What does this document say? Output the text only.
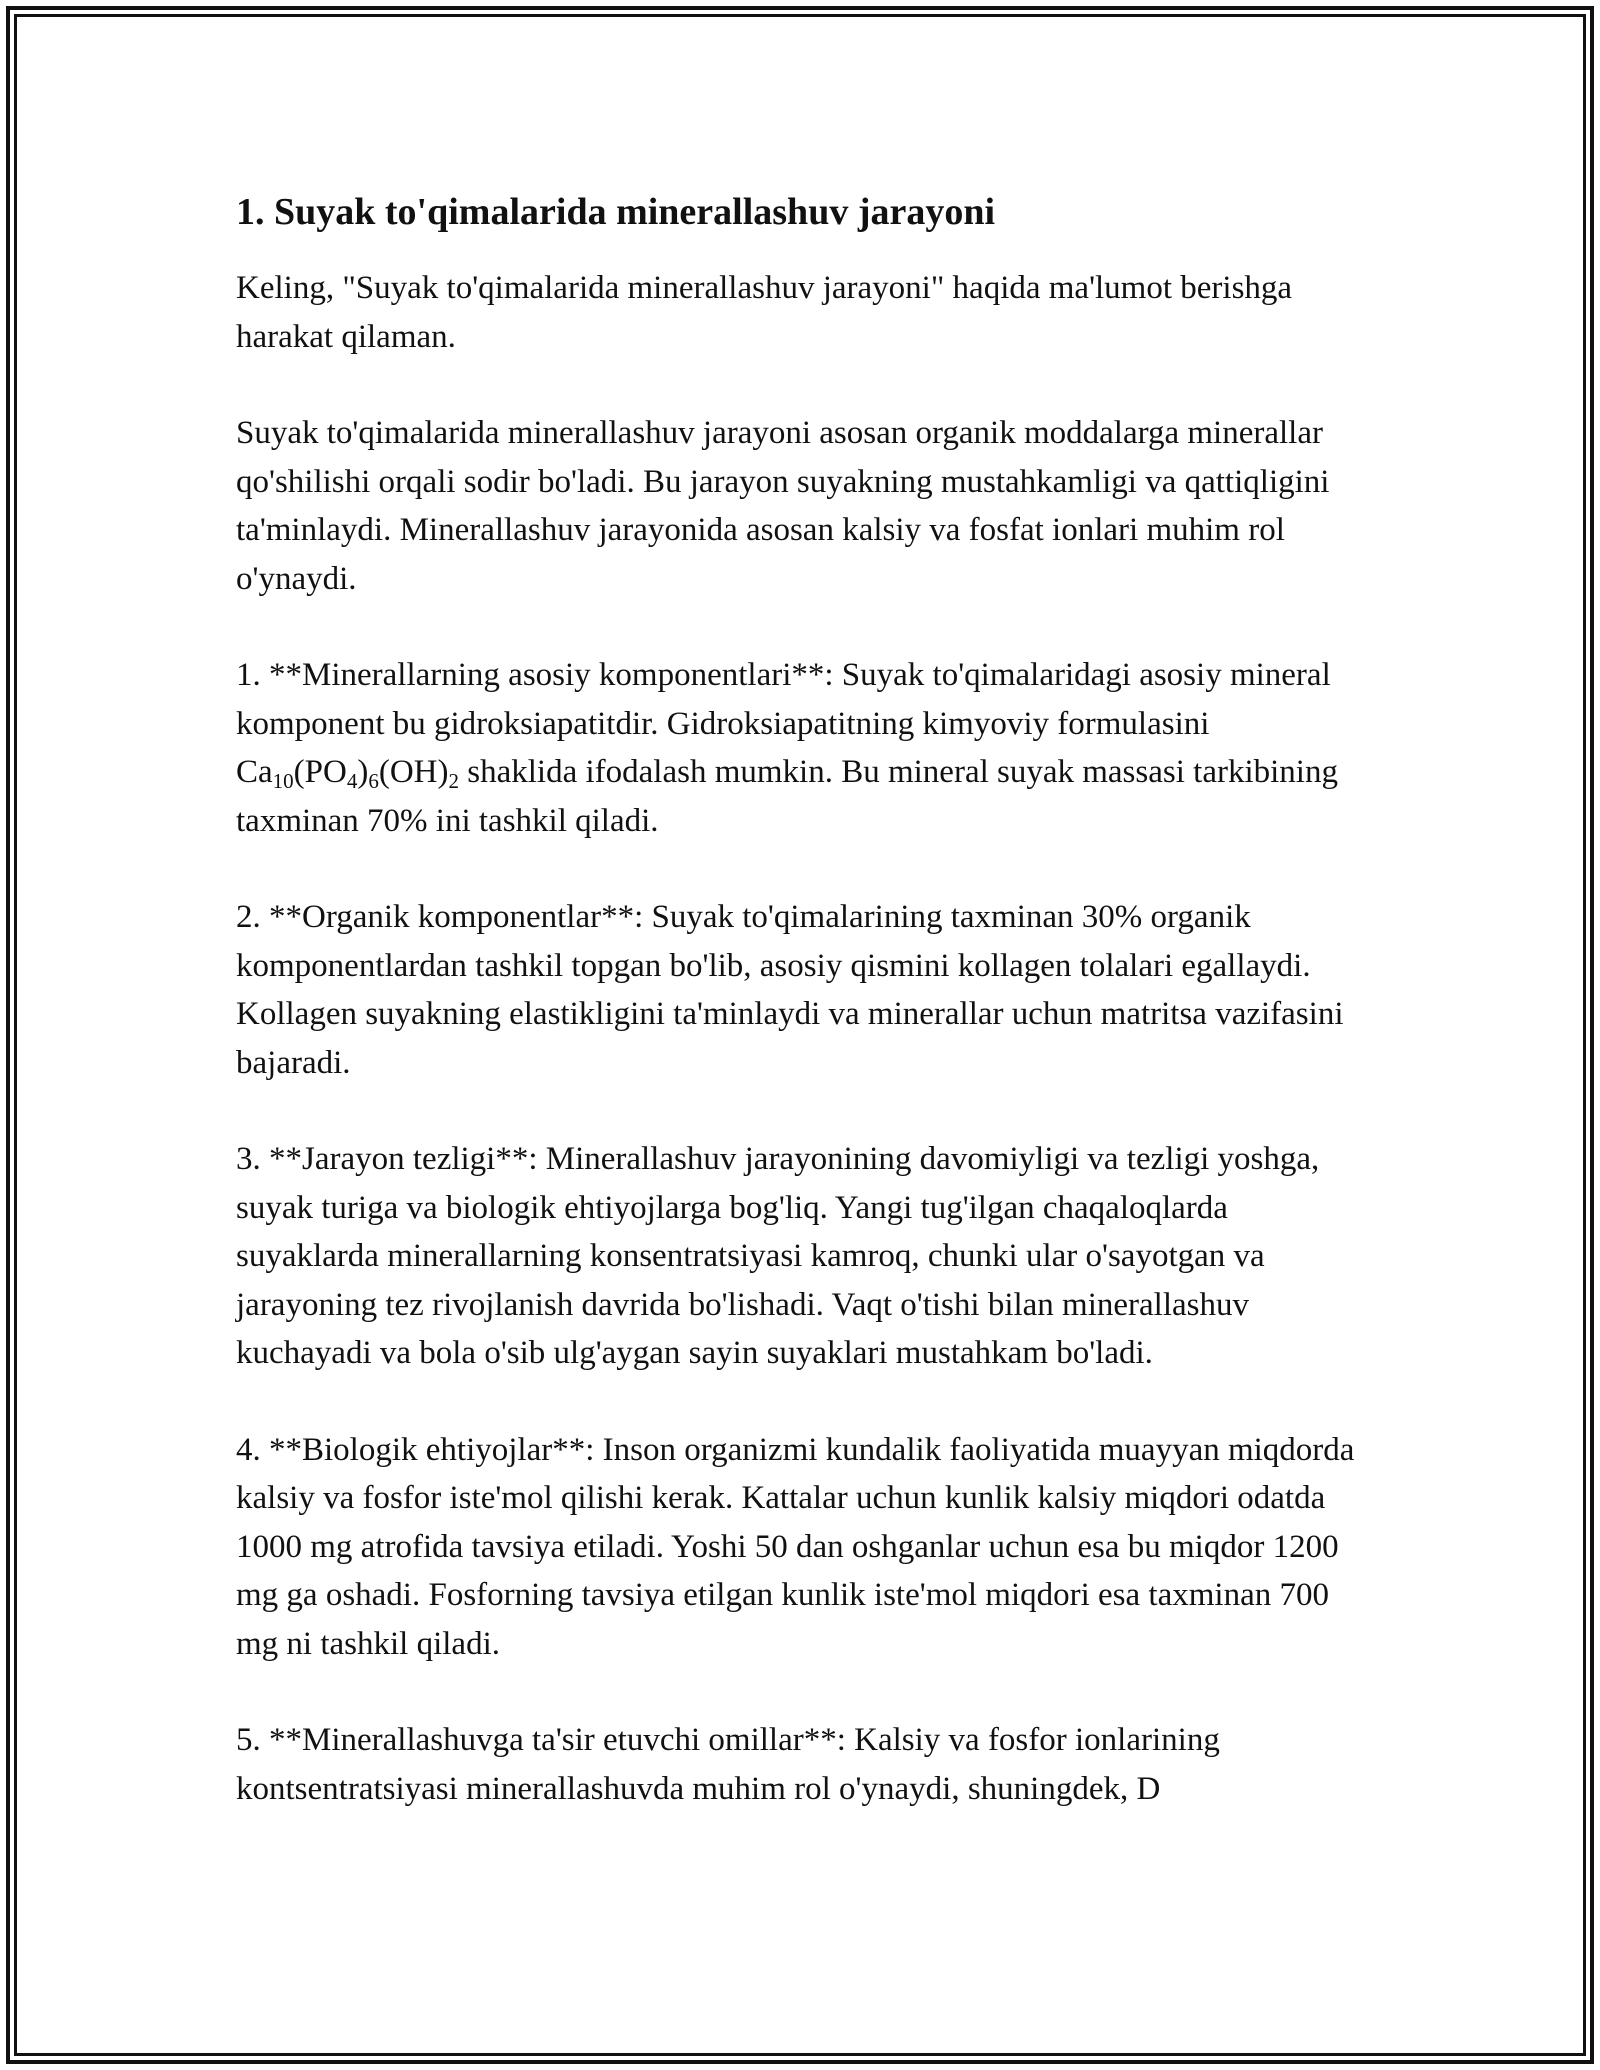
1. Suyak to'qimalarida minerallashuv jarayoni

Keling, "Suyak to'qimalarida minerallashuv jarayoni" haqida ma'lumot berishga harakat qilaman.

Suyak to'qimalarida minerallashuv jarayoni asosan organik moddalarga minerallar qo'shilishi orqali sodir bo'ladi. Bu jarayon suyakning mustahkamligi va qattiqligini ta'minlaydi. Minerallashuv jarayonida asosan kalsiy va fosfat ionlari muhim rol o'ynaydi.

1. **Minerallarning asosiy komponentlari**: Suyak to'qimalaridagi asosiy mineral komponent bu gidroksiapatitdir. Gidroksiapatitning kimyoviy formulasini $Ca_{10}(PO_4)_6(OH)_2$ shaklida ifodalash mumkin. Bu mineral suyak massasi tarkibining taxminan 70% ini tashkil qiladi.

2. **Organik komponentlar**: Suyak to'qimalarining taxminan 30% organik komponentlardan tashkil topgan bo'lib, asosiy qismini kollagen tolalari egallaydi. Kollagen suyakning elastikligini ta'minlaydi va minerallar uchun matritsa vazifasini bajaradi.

3. **Jarayon tezligi**: Minerallashuv jarayonining davomiyligi va tezligi yoshga, suyak turiga va biologik ehtiyojlarga bog'liq. Yangi tug'ilgan chaqaloqlarda suyaklarda minerallarning konsentratsiyasi kamroq, chunki ular o'sayotgan va jarayoning tez rivojlanish davrida bo'lishadi. Vaqt o'tishi bilan minerallashuv kuchayadi va bola o'sib ulg'aygan sayin suyaklari mustahkam bo'ladi.

4. **Biologik ehtiyojlar**: Inson organizmi kundalik faoliyatida muayyan miqdorda kalsiy va fosfor iste'mol qilishi kerak. Kattalar uchun kunlik kalsiy miqdori odatda 1000 mg atrofida tavsiya etiladi. Yoshi 50 dan oshganlar uchun esa bu miqdor 1200 mg ga oshadi. Fosforning tavsiya etilgan kunlik iste'mol miqdori esa taxminan 700 mg ni tashkil qiladi.

5. **Minerallashuvga ta'sir etuvchi omillar**: Kalsiy va fosfor ionlarining kontsentratsiyasi minerallashuvda muhim rol o'ynaydi, shuningdek, D
